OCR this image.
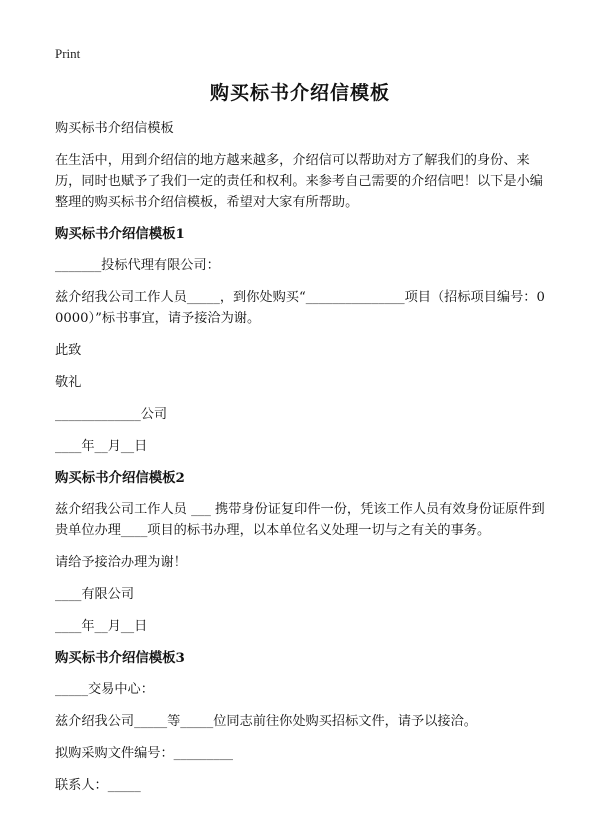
Print
购买标书介绍信模板

购买标书介绍信模板

在生活中，用到介绍信的地方越来越多，介绍信可以帮助对方了解我们的身份、来历，同时也赋予了我们一定的责任和权利。来参考自己需要的介绍信吧！以下是小编整理的购买标书介绍信模板，希望对大家有所帮助。

购买标书介绍信模板1

_______投标代理有限公司：

兹介绍我公司工作人员_____，到你处购买“_______________项目（招标项目编号：00000）”标书事宜，请予接洽为谢。

此致

敬礼

_____________公司

____年__月__日

购买标书介绍信模板2

兹介绍我公司工作人员 ___ 携带身份证复印件一份，凭该工作人员有效身份证原件到贵单位办理____项目的标书办理，以本单位名义处理一切与之有关的事务。

请给予接洽办理为谢！

____有限公司

____年__月__日

购买标书介绍信模板3

_____交易中心：

兹介绍我公司_____等_____位同志前往你处购买招标文件，请予以接洽。

拟购采购文件编号：_________

联系人：_____
